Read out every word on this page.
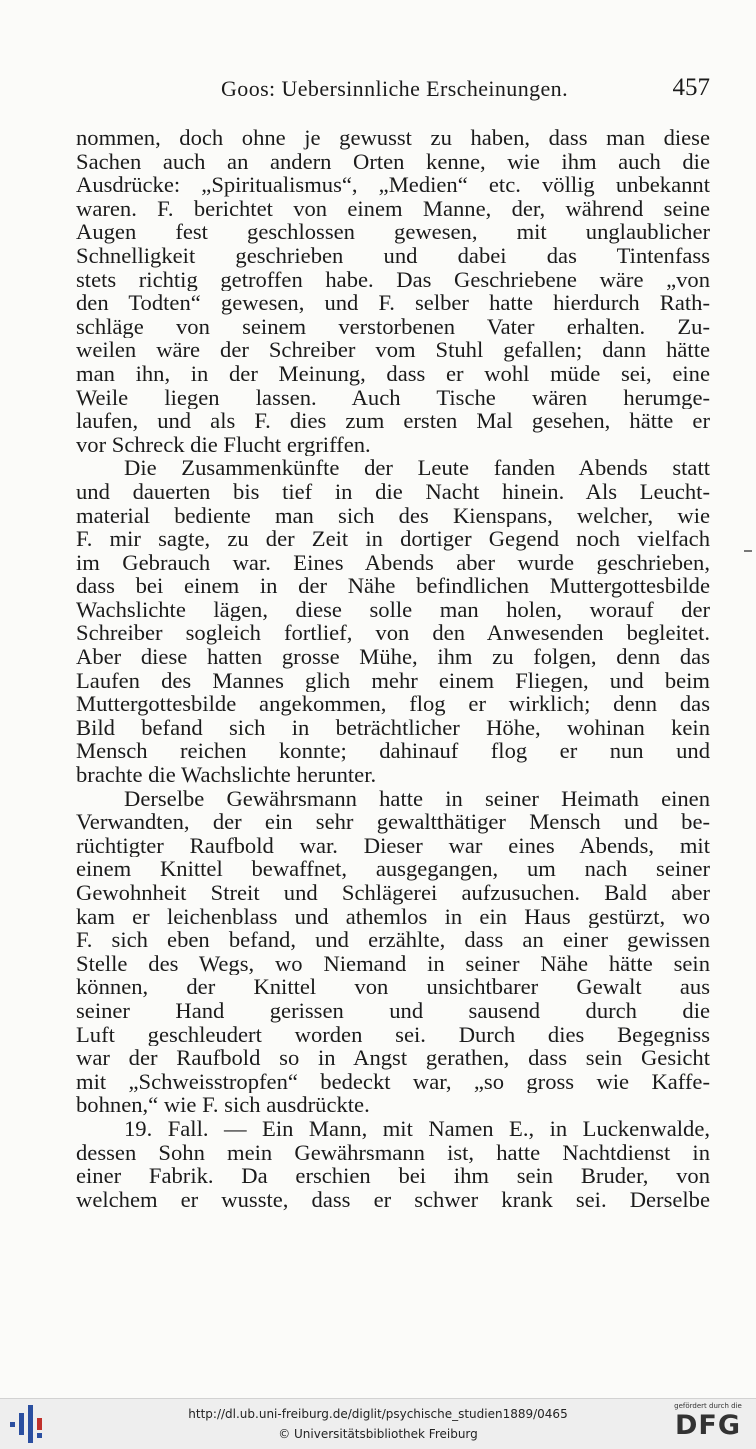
Goos: Uebersinnliche Erscheinungen.	457
nommen, doch ohne je gewusst zu haben, dass man diese
Sachen auch an andern Orten kenne, wie ihm auch die
Ausdrücke: „Spiritualismus“, „Medien“ etc. völlig unbekannt
waren. F. berichtet von einem Manne, der, während seine
Augen fest geschlossen gewesen, mit unglaublicher
Schnelligkeit geschrieben und dabei das Tintenfass
stets richtig getroffen habe. Das Geschriebene wäre „von
den Todten“ gewesen, und F. selber hatte hierdurch Rath-
schläge von seinem verstorbenen Vater erhalten. Zu-
weilen wäre der Schreiber vom Stuhl gefallen; dann hätte
man ihn, in der Meinung, dass er wohl müde sei, eine
Weile liegen lassen. Auch Tische wären herumge-
laufen, und als F. dies zum ersten Mal gesehen, hätte er
vor Schreck die Flucht ergriffen.
Die Zusammenkünfte der Leute fanden Abends statt
und dauerten bis tief in die Nacht hinein. Als Leucht-
material bediente man sich des Kienspans, welcher, wie
F. mir sagte, zu der Zeit in dortiger Gegend noch vielfach
im Gebrauch war. Eines Abends aber wurde geschrieben,
dass bei einem in der Nähe befindlichen Muttergottesbilde
Wachslichte lägen, diese solle man holen, worauf der
Schreiber sogleich fortlief, von den Anwesenden begleitet.
Aber diese hatten grosse Mühe, ihm zu folgen, denn das
Laufen des Mannes glich mehr einem Fliegen, und beim
Muttergottesbilde angekommen, flog er wirklich; denn das
Bild befand sich in beträchtlicher Höhe, wohinan kein
Mensch reichen konnte; dahinauf flog er nun und
brachte die Wachslichte herunter.
Derselbe Gewährsmann hatte in seiner Heimath einen
Verwandten, der ein sehr gewaltthätiger Mensch und be-
rüchtigter Raufbold war. Dieser war eines Abends, mit
einem Knittel bewaffnet, ausgegangen, um nach seiner
Gewohnheit Streit und Schlägerei aufzusuchen. Bald aber
kam er leichenblass und athemlos in ein Haus gestürzt, wo
F. sich eben befand, und erzählte, dass an einer gewissen
Stelle des Wegs, wo Niemand in seiner Nähe hätte sein
können, der Knittel von unsichtbarer Gewalt aus
seiner Hand gerissen und sausend durch die
Luft geschleudert worden sei. Durch dies Begegniss
war der Raufbold so in Angst gerathen, dass sein Gesicht
mit „Schweisstropfen“ bedeckt war, „so gross wie Kaffe-
bohnen,“ wie F. sich ausdrückte.
19. Fall. — Ein Mann, mit Namen E., in Luckenwalde,
dessen Sohn mein Gewährsmann ist, hatte Nachtdienst in
einer Fabrik. Da erschien bei ihm sein Bruder, von
welchem er wusste, dass er schwer krank sei. Derselbe
http://dl.ub.uni-freiburg.de/diglit/psychische_studien1889/0465
© Universitätsbibliothek Freiburg
gefördert durch die
DFG
